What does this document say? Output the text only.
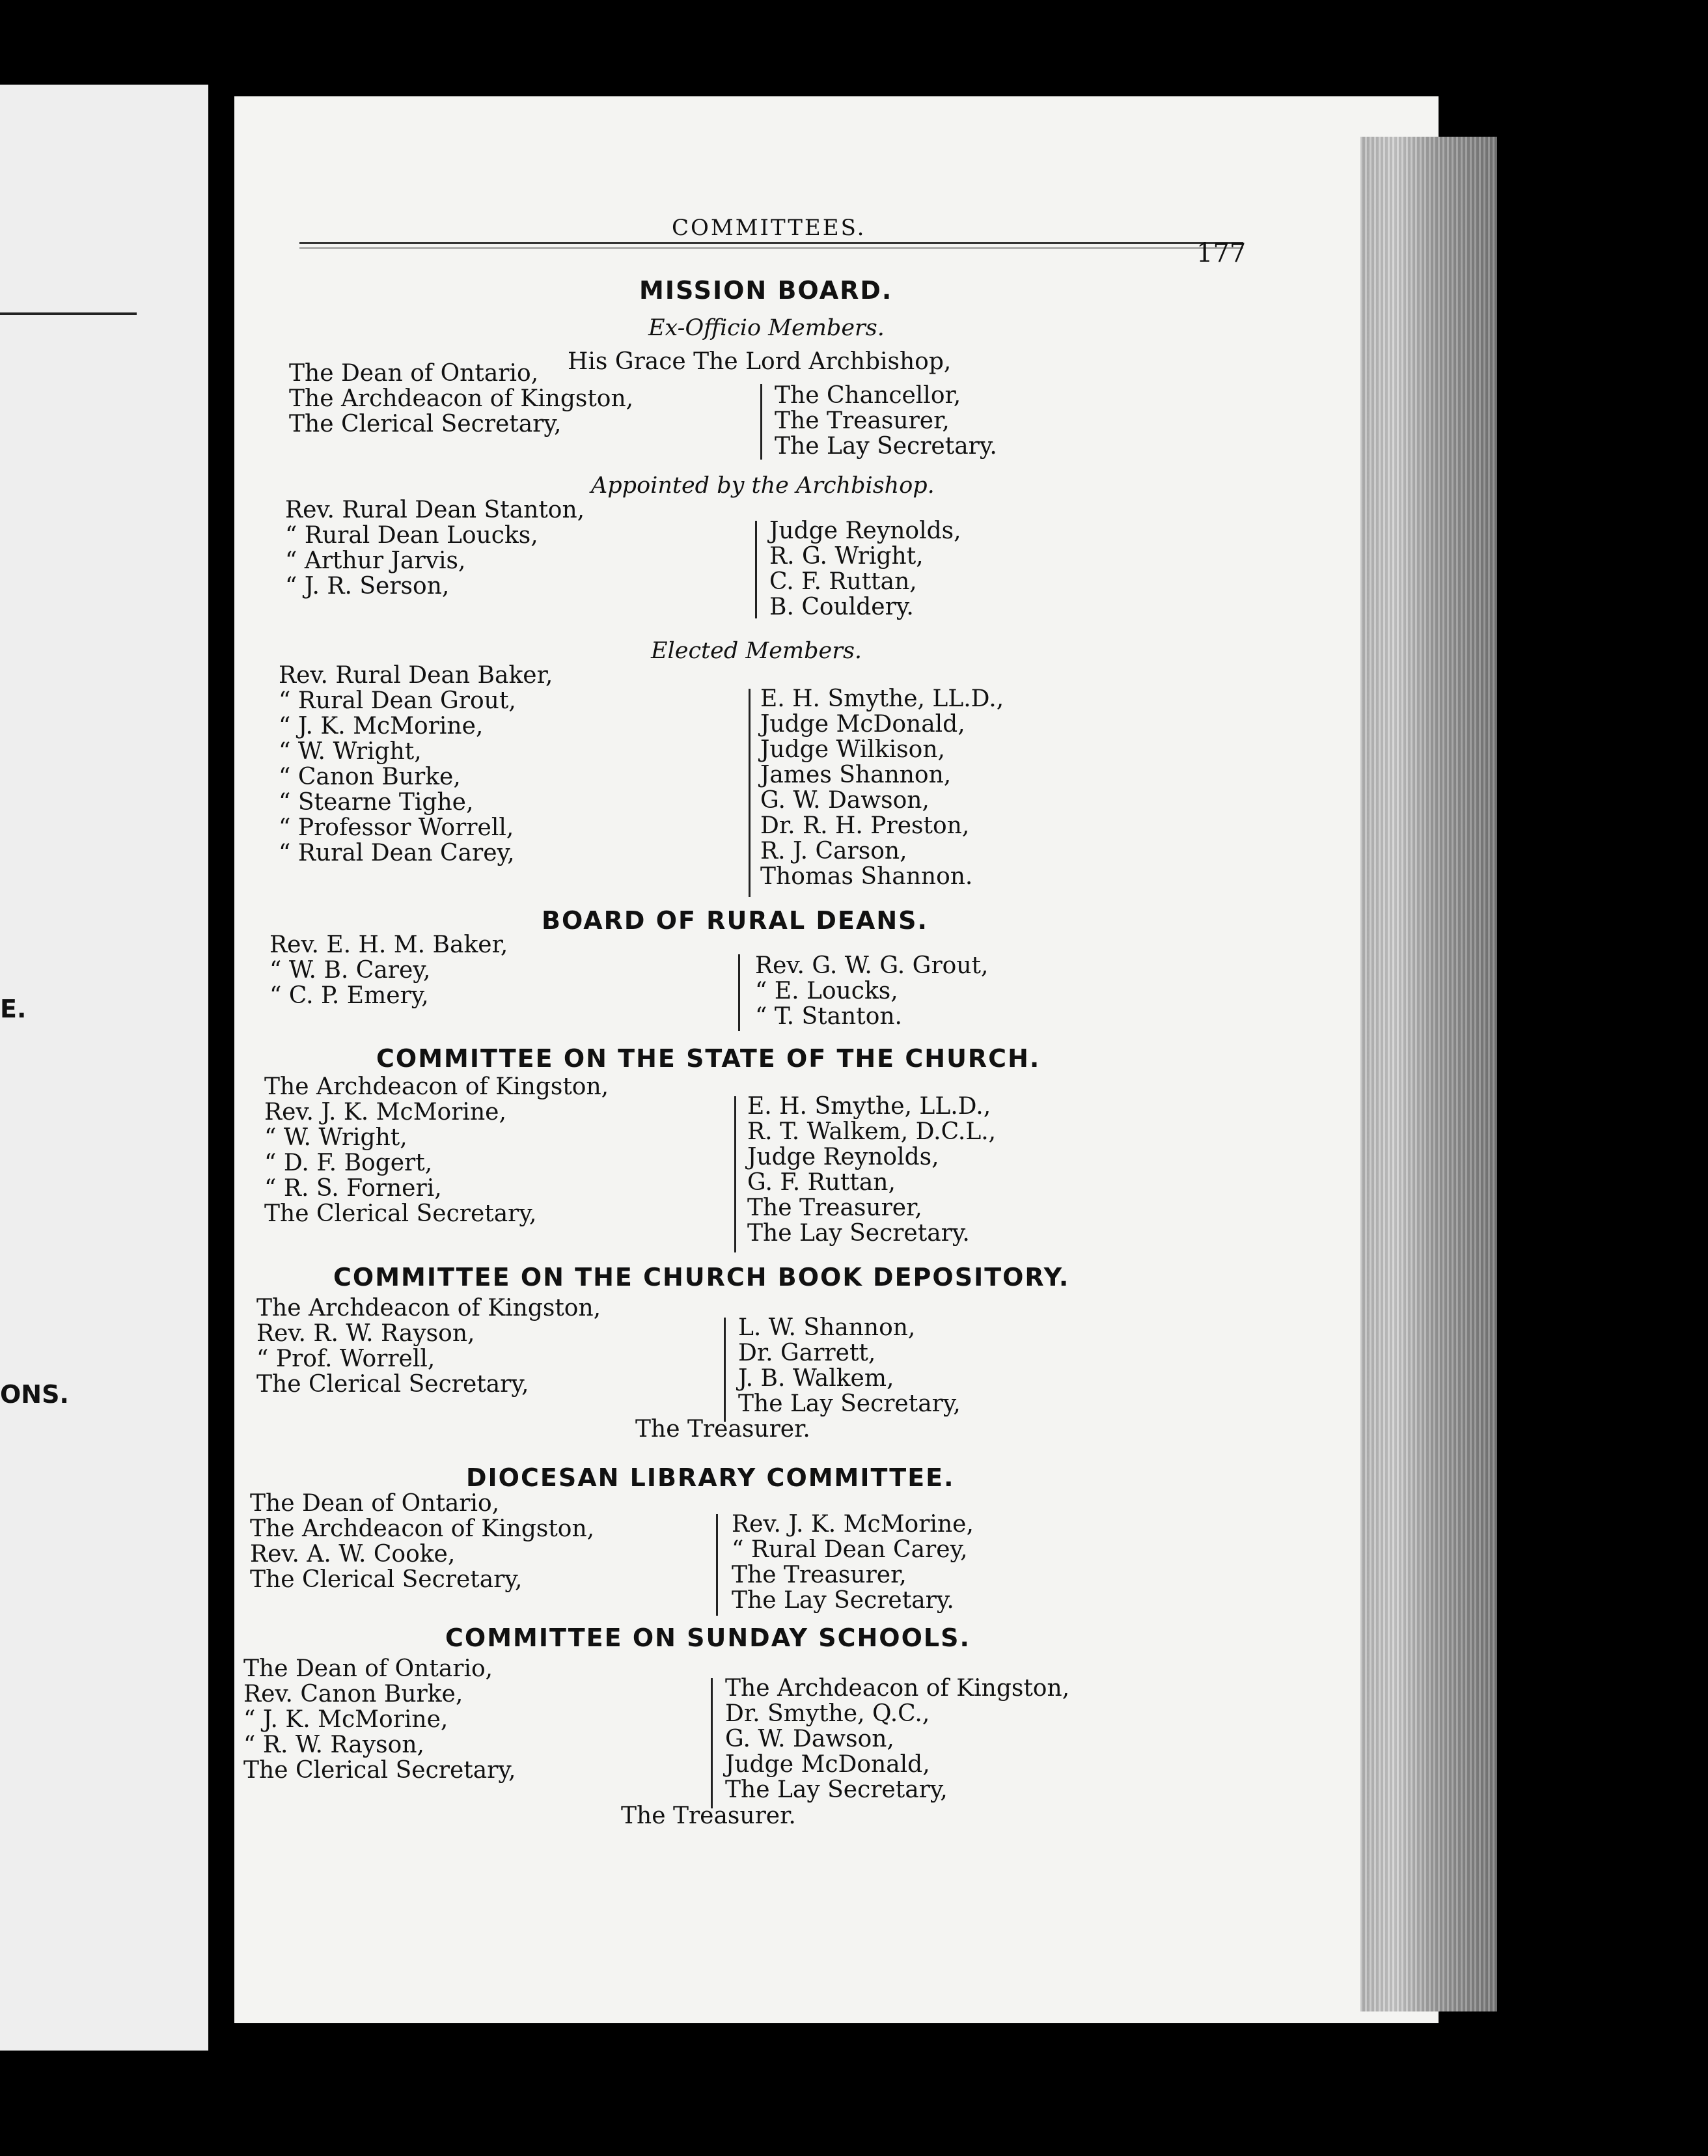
E.
ONS.
COMMITTEES.
177
MISSION BOARD.
Ex-Officio Members.
His Grace The Lord Archbishop,
The Dean of Ontario,
The Archdeacon of Kingston,
The Clerical Secretary,
The Chancellor,
The Treasurer,
The Lay Secretary.
Appointed by the Archbishop.
Rev. Rural Dean Stanton,
“ Rural Dean Loucks,
“ Arthur Jarvis,
“ J. R. Serson,
Judge Reynolds,
R. G. Wright,
C. F. Ruttan,
B. Couldery.
Elected Members.
Rev. Rural Dean Baker,
“ Rural Dean Grout,
“ J. K. McMorine,
“ W. Wright,
“ Canon Burke,
“ Stearne Tighe,
“ Professor Worrell,
“ Rural Dean Carey,
E. H. Smythe, LL.D.,
Judge McDonald,
Judge Wilkison,
James Shannon,
G. W. Dawson,
Dr. R. H. Preston,
R. J. Carson,
Thomas Shannon.
BOARD OF RURAL DEANS.
Rev. E. H. M. Baker,
“ W. B. Carey,
“ C. P. Emery,
Rev. G. W. G. Grout,
“ E. Loucks,
“ T. Stanton.
COMMITTEE ON THE STATE OF THE CHURCH.
The Archdeacon of Kingston,
Rev. J. K. McMorine,
“ W. Wright,
“ D. F. Bogert,
“ R. S. Forneri,
The Clerical Secretary,
E. H. Smythe, LL.D.,
R. T. Walkem, D.C.L.,
Judge Reynolds,
G. F. Ruttan,
The Treasurer,
The Lay Secretary.
COMMITTEE ON THE CHURCH BOOK DEPOSITORY.
The Archdeacon of Kingston,
Rev. R. W. Rayson,
“ Prof. Worrell,
The Clerical Secretary,
L. W. Shannon,
Dr. Garrett,
J. B. Walkem,
The Lay Secretary,
The Treasurer.
DIOCESAN LIBRARY COMMITTEE.
The Dean of Ontario,
The Archdeacon of Kingston,
Rev. A. W. Cooke,
The Clerical Secretary,
Rev. J. K. McMorine,
“ Rural Dean Carey,
The Treasurer,
The Lay Secretary.
COMMITTEE ON SUNDAY SCHOOLS.
The Dean of Ontario,
Rev. Canon Burke,
“ J. K. McMorine,
“ R. W. Rayson,
The Clerical Secretary,
The Archdeacon of Kingston,
Dr. Smythe, Q.C.,
G. W. Dawson,
Judge McDonald,
The Lay Secretary,
The Treasurer.
